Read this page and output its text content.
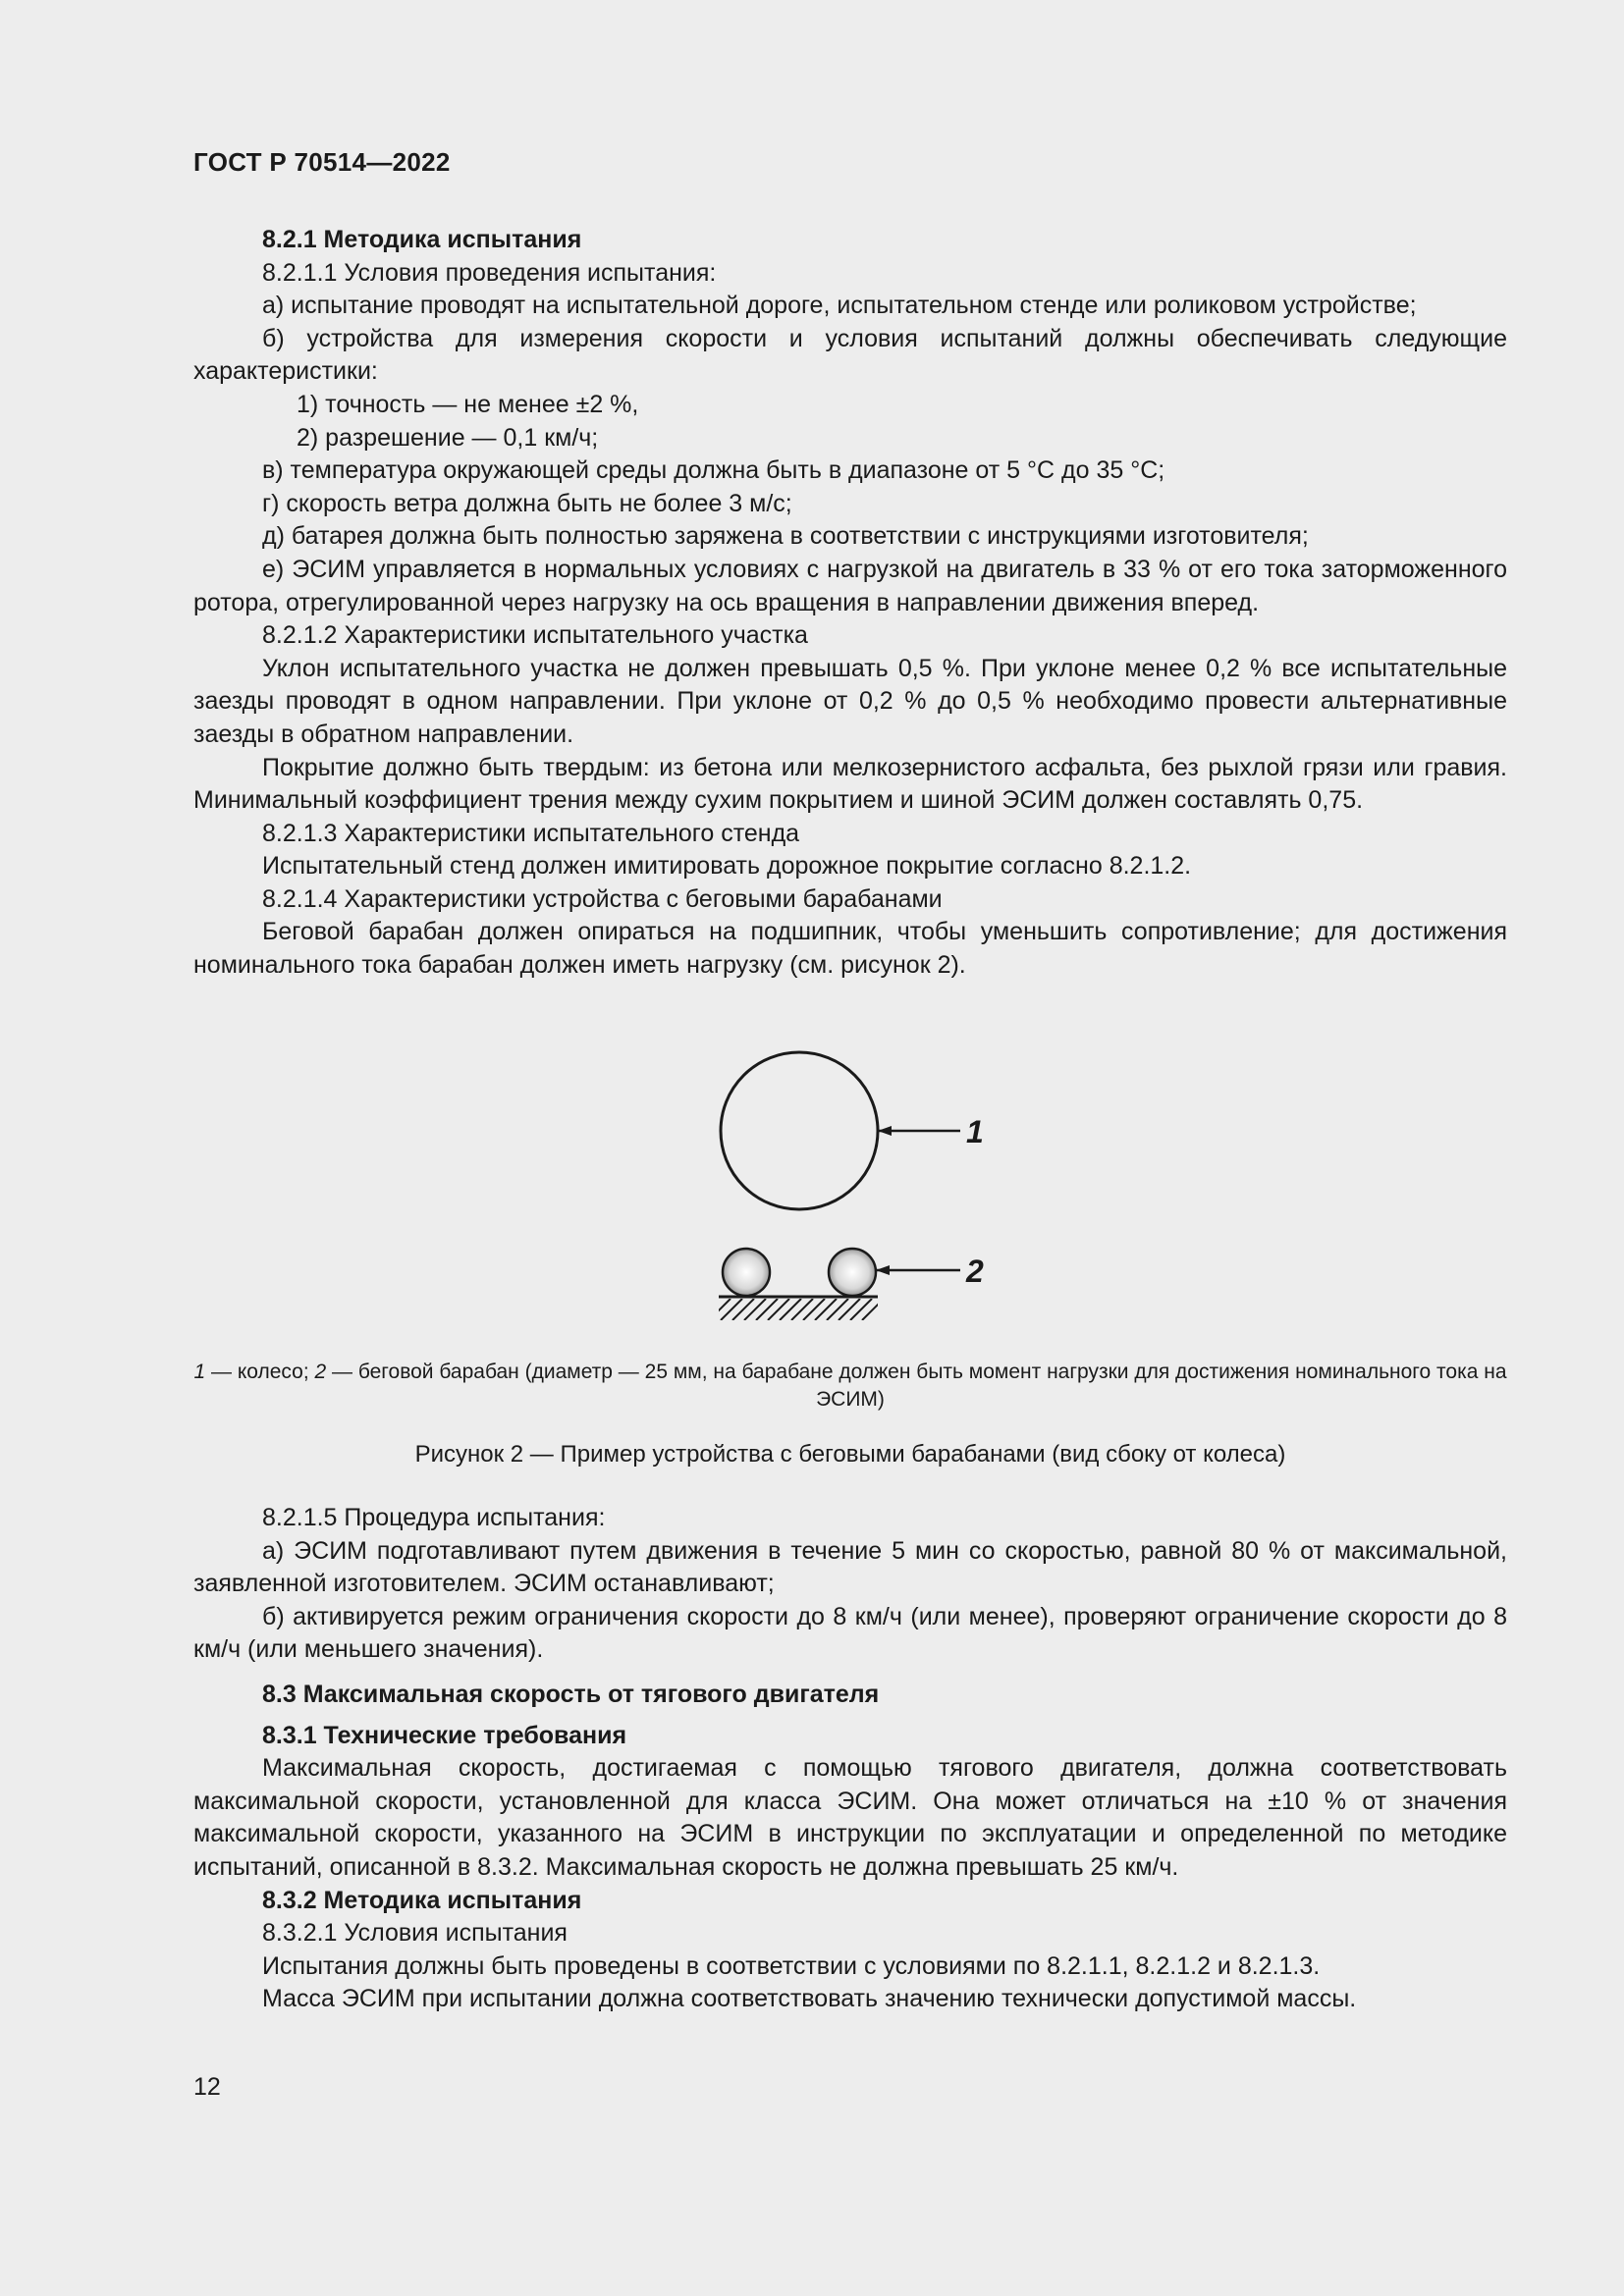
ГОСТ Р 70514—2022

8.2.1 Методика испытания

8.2.1.1 Условия проведения испытания:

а) испытание проводят на испытательной дороге, испытательном стенде или роликовом устройстве;

б) устройства для измерения скорости и условия испытаний должны обеспечивать следующие характеристики:

1) точность — не менее ±2 %,

2) разрешение — 0,1 км/ч;

в) температура окружающей среды должна быть в диапазоне от 5 °С до 35 °С;

г) скорость ветра должна быть не более 3 м/с;

д) батарея должна быть полностью заряжена в соответствии с инструкциями изготовителя;

е) ЭСИМ управляется в нормальных условиях с нагрузкой на двигатель в 33 % от его тока заторможенного ротора, отрегулированной через нагрузку на ось вращения в направлении движения вперед.

8.2.1.2 Характеристики испытательного участка

Уклон испытательного участка не должен превышать 0,5 %. При уклоне менее 0,2 % все испытательные заезды проводят в одном направлении. При уклоне от 0,2 % до 0,5 % необходимо провести альтернативные заезды в обратном направлении.

Покрытие должно быть твердым: из бетона или мелкозернистого асфальта, без рыхлой грязи или гравия. Минимальный коэффициент трения между сухим покрытием и шиной ЭСИМ должен составлять 0,75.

8.2.1.3 Характеристики испытательного стенда

Испытательный стенд должен имитировать дорожное покрытие согласно 8.2.1.2.

8.2.1.4 Характеристики устройства с беговыми барабанами

Беговой барабан должен опираться на подшипник, чтобы уменьшить сопротивление; для достижения номинального тока барабан должен иметь нагрузку (см. рисунок 2).

1
2
1 — колесо; 2 — беговой барабан (диаметр — 25 мм, на барабане должен быть момент нагрузки для достижения номинального тока на ЭСИМ)
Рисунок 2 — Пример устройства с беговыми барабанами (вид сбоку от колеса)

8.2.1.5 Процедура испытания:

а) ЭСИМ подготавливают путем движения в течение 5 мин со скоростью, равной 80 % от максимальной, заявленной изготовителем. ЭСИМ останавливают;

б) активируется режим ограничения скорости до 8 км/ч (или менее), проверяют ограничение скорости до 8 км/ч (или меньшего значения).

8.3 Максимальная скорость от тягового двигателя

8.3.1 Технические требования

Максимальная скорость, достигаемая с помощью тягового двигателя, должна соответствовать максимальной скорости, установленной для класса ЭСИМ. Она может отличаться на ±10 % от значения максимальной скорости, указанного на ЭСИМ в инструкции по эксплуатации и определенной по методике испытаний, описанной в 8.3.2. Максимальная скорость не должна превышать 25 км/ч.

8.3.2 Методика испытания

8.3.2.1 Условия испытания

Испытания должны быть проведены в соответствии с условиями по 8.2.1.1, 8.2.1.2 и 8.2.1.3.

Масса ЭСИМ при испытании должна соответствовать значению технически допустимой массы.

12
